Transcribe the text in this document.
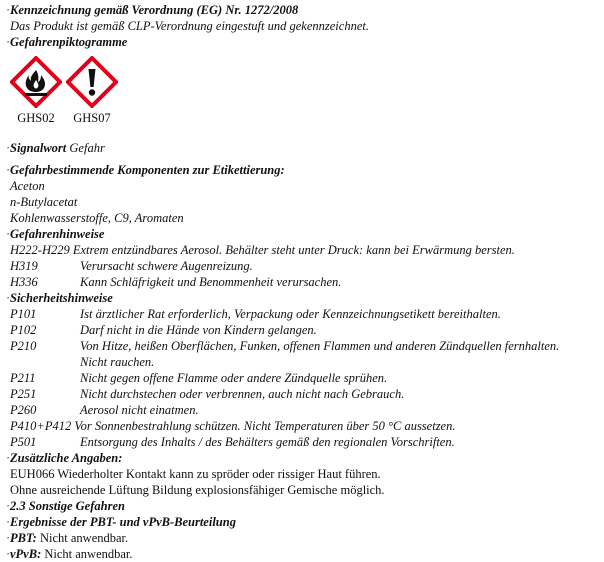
·Kennzeichnung gemäß Verordnung (EG) Nr. 1272/2008
Das Produkt ist gemäß CLP-Verordnung eingestuft und gekennzeichnet.
·Gefahrenpiktogramme
GHS02	GHS07
·Signalwort Gefahr
·Gefahrbestimmende Komponenten zur Etikettierung:
Aceton
n-Butylacetat
Kohlenwasserstoffe, C9, Aromaten
·Gefahrenhinweise
H222-H229
Extrem entzündbares Aerosol. Behälter steht unter Druck: kann bei Erwärmung bersten.
H319	Verursacht schwere Augenreizung.
H336	Kann Schläfrigkeit und Benommenheit verursachen.
·Sicherheitshinweise
P101	Ist ärztlicher Rat erforderlich, Verpackung oder Kennzeichnungsetikett bereithalten.
P102	Darf nicht in die Hände von Kindern gelangen.
P210	Von Hitze, heißen Oberflächen, Funken, offenen Flammen und anderen Zündquellen fernhalten.
Nicht rauchen.
P211	Nicht gegen offene Flamme oder andere Zündquelle sprühen.
P251	Nicht durchstechen oder verbrennen, auch nicht nach Gebrauch.
P260	Aerosol nicht einatmen.
P410+P412
Vor Sonnenbestrahlung schützen. Nicht Temperaturen über 50 °C aussetzen.
P501	Entsorgung des Inhalts / des Behälters gemäß den regionalen Vorschriften.
·Zusätzliche Angaben:
EUH066 Wiederholter Kontakt kann zu spröder oder rissiger Haut führen.
Ohne ausreichende Lüftung Bildung explosionsfähiger Gemische möglich.
·2.3 Sonstige Gefahren
·Ergebnisse der PBT- und vPvB-Beurteilung
·PBT: Nicht anwendbar.
·vPvB: Nicht anwendbar.
